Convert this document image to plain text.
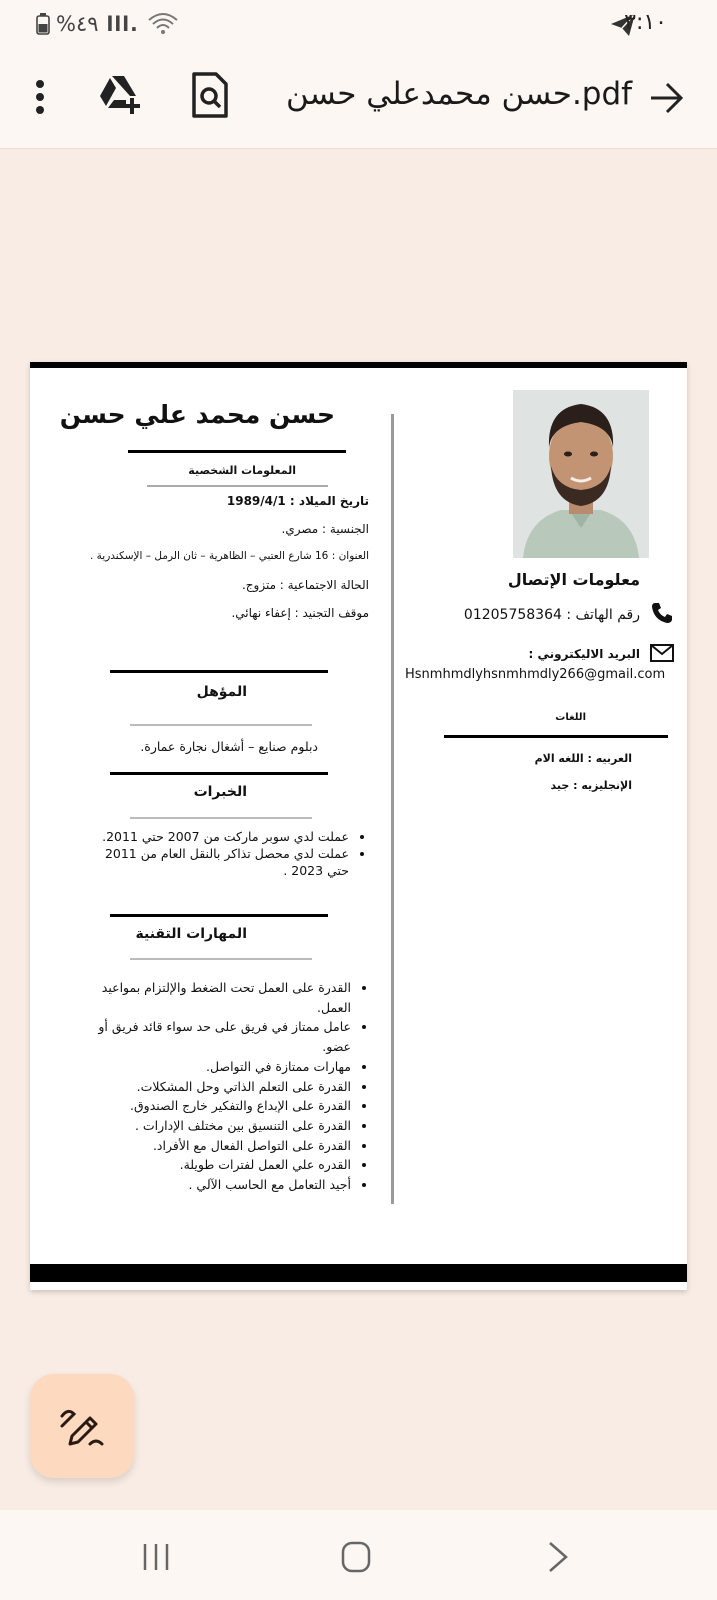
%٤٩ lll.	٣:١٠
حسن محمدعلي حسن.pdf
معلومات الإتصال
رقم الهاتف : 01205758364
البريد الاليكتروني :
Hsnmhmdlyhsnmhmdly266@gmail.com
اللغات
العربيه : اللغه الام
الإنجليزيه : جيد
حسن محمد علي حسن
المعلومات الشخصية
تاريخ الميلاد : 1989/4/1
الجنسية : مصري.
العنوان : 16 شارع العتبي – الظاهرية – ثان الرمل – الإسكندرية .
الحالة الاجتماعية : متزوج.
موقف التجنيد : إعفاء نهائي.
المؤهل
دبلوم صنايع – أشغال نجارة عمارة.
الخبرات
• عملت لدي سوبر ماركت من 2007 حتي 2011.
• عملت لدي محصل تذاكر بالنقل العام من 2011 حتي 2023 .
المهارات التقنية
• القدرة على العمل تحت الضغط والإلتزام بمواعيد العمل.
• عامل ممتاز في فريق على حد سواء قائد فريق أو عضو.
• مهارات ممتازة في التواصل.
• القدرة على التعلم الذاتي وحل المشكلات.
• القدرة على الإبداع والتفكير خارج الصندوق.
• القدرة على التنسيق بين مختلف الإدارات .
• القدرة على التواصل الفعال مع الأفراد.
• القدره علي العمل لفترات طويلة.
• أجيد التعامل مع الحاسب الآلي .
